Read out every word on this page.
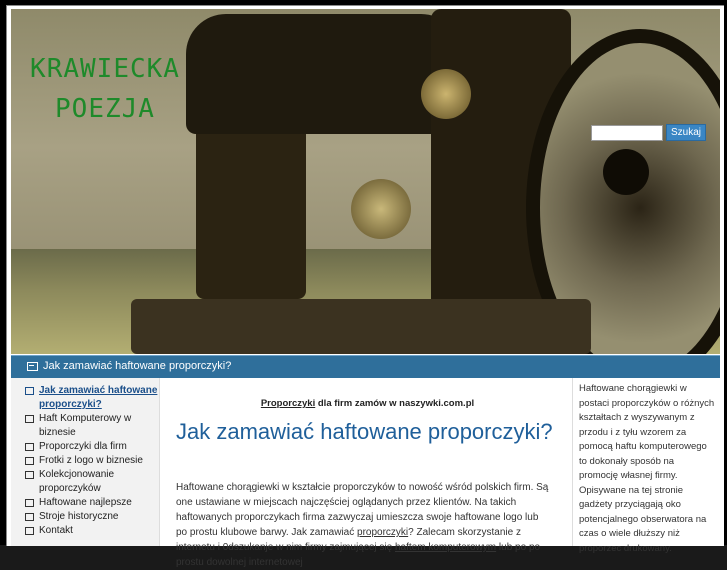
KRAWIECKA
POEZJA
Szukaj
Jak zamawiać haftowane proporczyki?
Jak zamawiać haftowane proporczyki?
Haft Komputerowy w biznesie
Proporczyki dla firm
Frotki z logo w biznesie
Kolekcjonowanie proporczyków
Haftowane najlepsze
Stroje historyczne
Kontakt
Proporczyki dla firm zamów w naszywki.com.pl
Jak zamawiać haftowane proporczyki?
Haftowane chorągiewki w kształcie proporczyków to nowość wśród polskich firm. Są one ustawiane w miejscach najczęściej oglądanych przez klientów. Na takich haftowanych proporczykach firma zazwyczaj umieszcza swoje haftowane logo lub po prostu klubowe barwy. Jak zamawiać proporczyki? Zalecam skorzystanie z internetu i 0dszukanje w nim firmy zajmującej się haftem komputerowym lub po po prostu dowolnej internetowej

Haftowane chorągiewki w postaci proporczyków o różnych kształtach z wyszywanym z przodu i z tyłu wzorem za pomocą haftu komputerowego to dokonały sposób na promocję własnej firmy. Opisywane na tej stronie gadżety przyciągają oko potencjalnego obserwatora na czas o wiele dłuższy niż proporzec drukowany.
